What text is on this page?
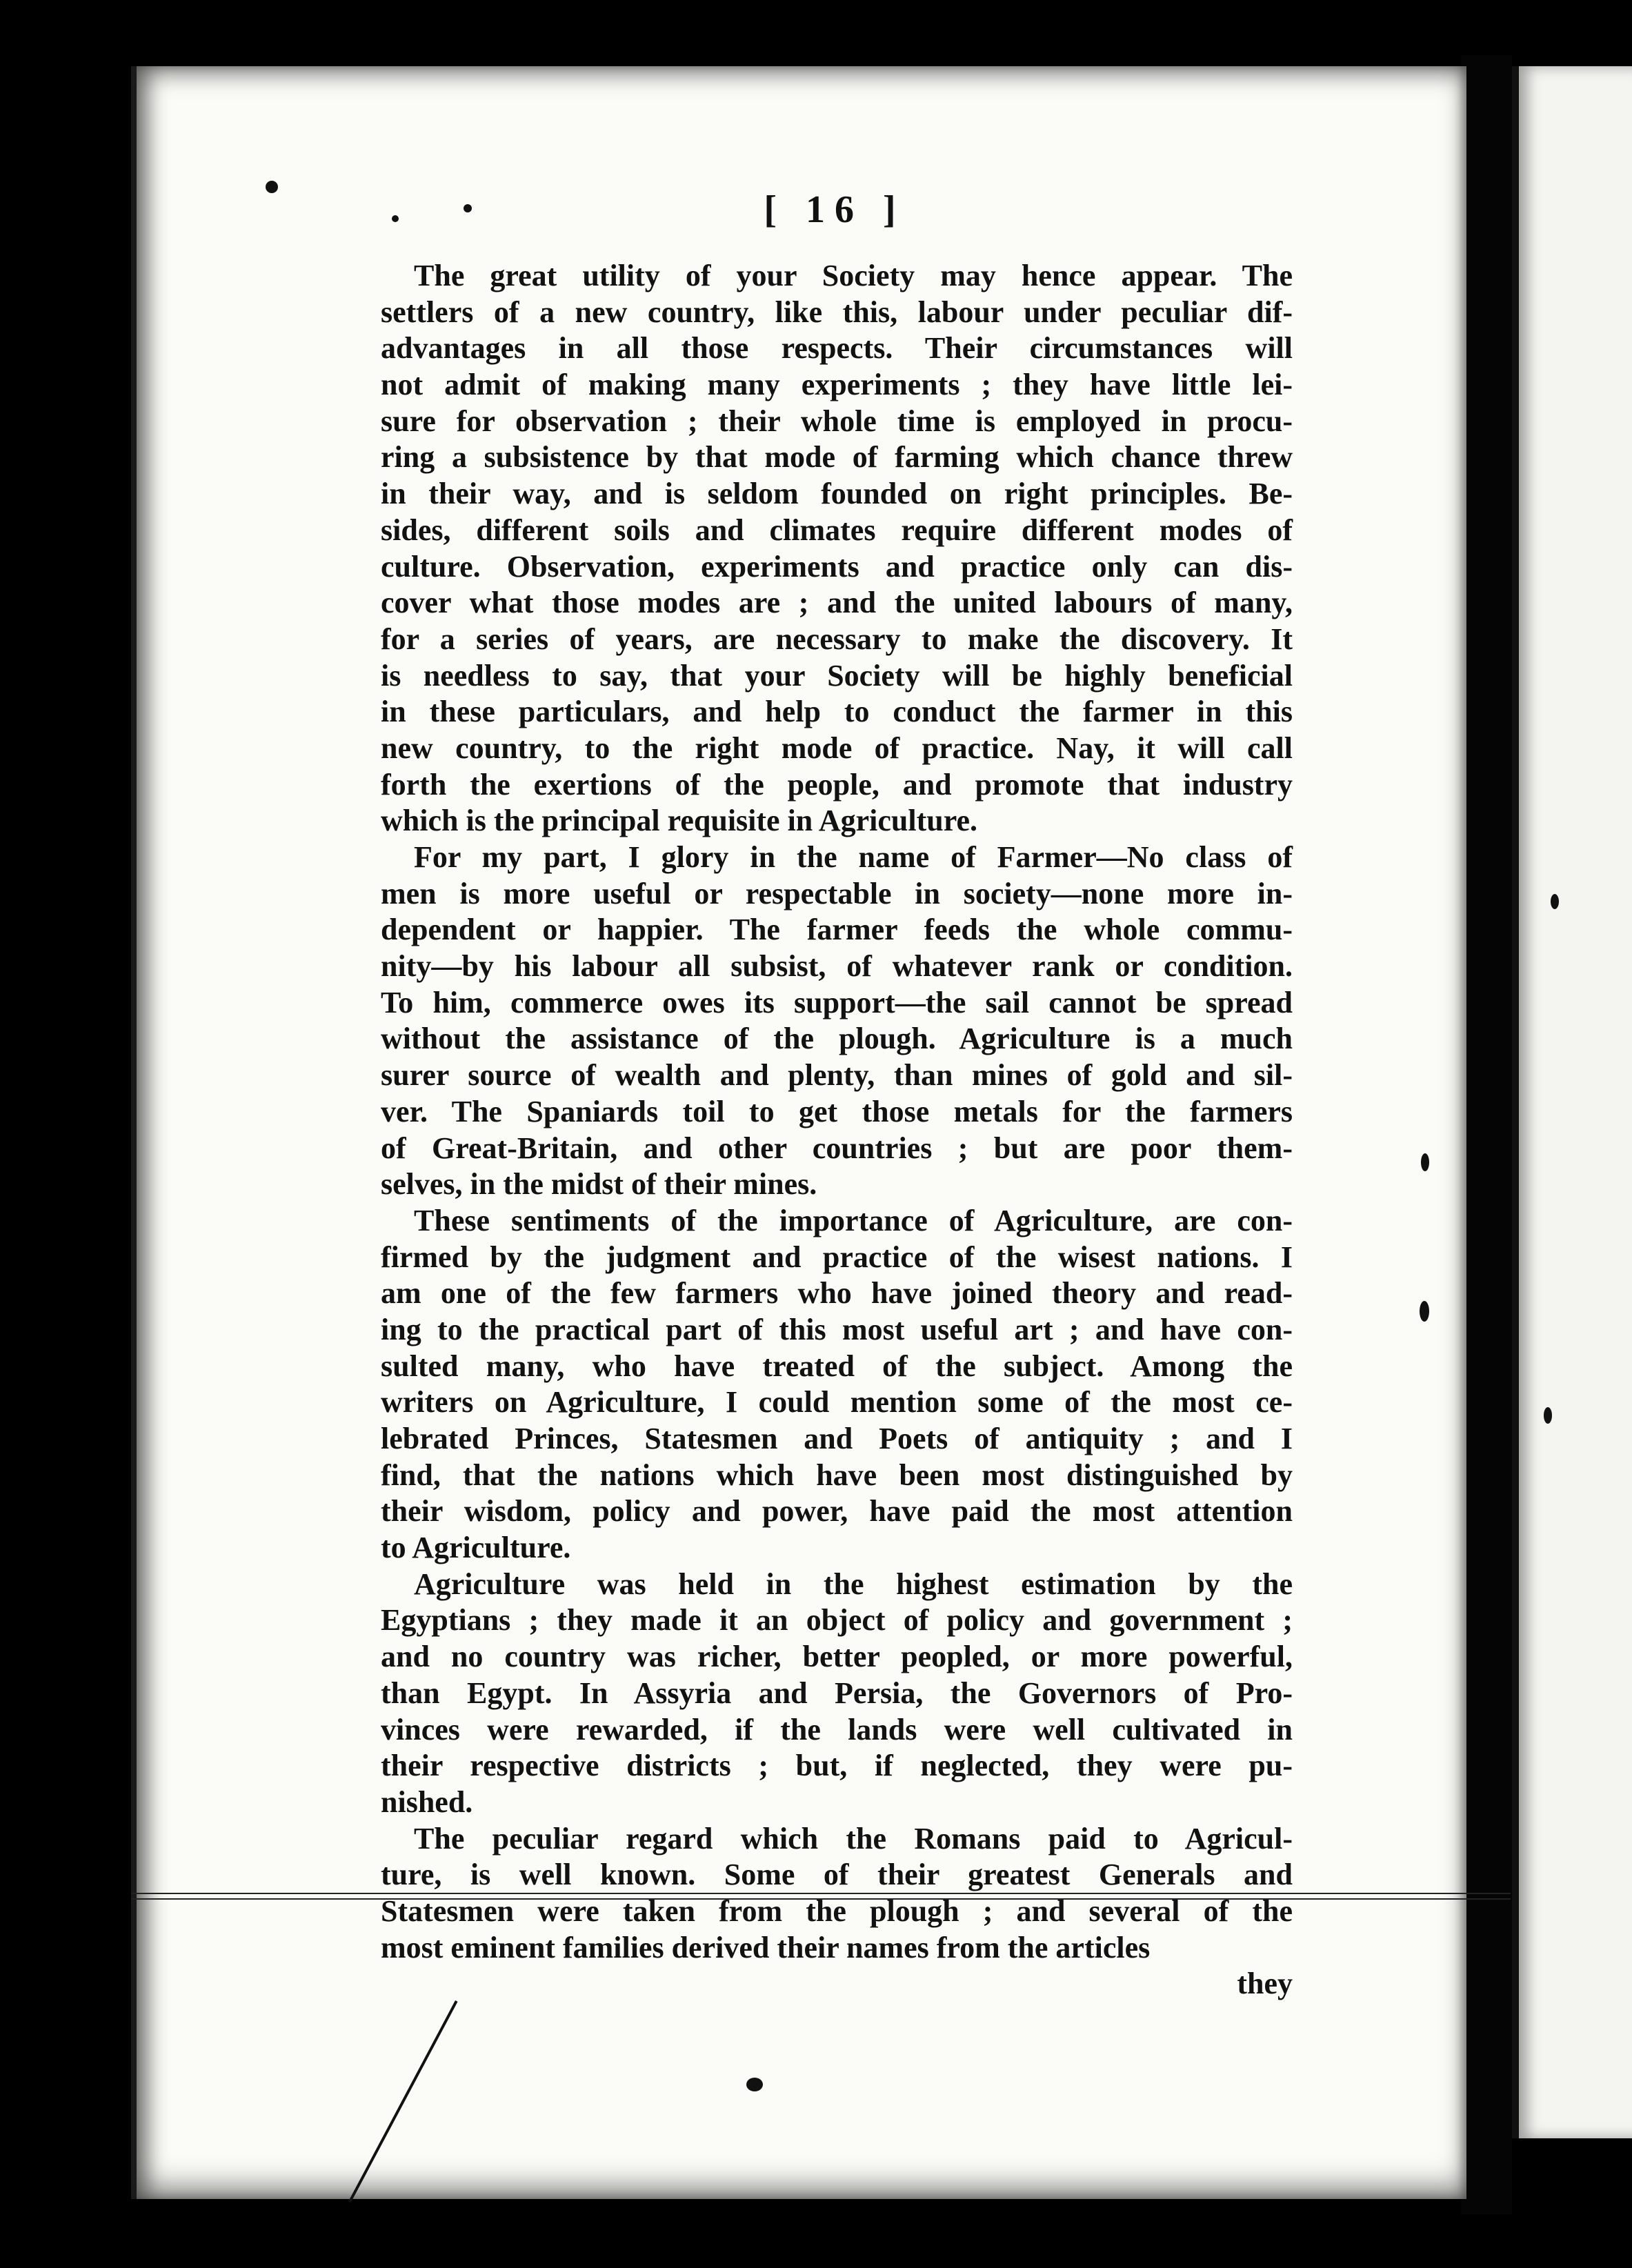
[ 16 ]
The great utility of your Society may hence appear. The
settlers of a new country, like this, labour under peculiar dif-
advantages in all those respects. Their circumstances will
not admit of making many experiments ; they have little lei-
sure for observation ; their whole time is employed in procu-
ring a subsistence by that mode of farming which chance threw
in their way, and is seldom founded on right principles. Be-
sides, different soils and climates require different modes of
culture. Observation, experiments and practice only can dis-
cover what those modes are ; and the united labours of many,
for a series of years, are necessary to make the discovery. It
is needless to say, that your Society will be highly beneficial
in these particulars, and help to conduct the farmer in this
new country, to the right mode of practice. Nay, it will call
forth the exertions of the people, and promote that industry
which is the principal requisite in Agriculture.
For my part, I glory in the name of Farmer—No class of
men is more useful or respectable in society—none more in-
dependent or happier. The farmer feeds the whole commu-
nity—by his labour all subsist, of whatever rank or condition.
To him, commerce owes its support—the sail cannot be spread
without the assistance of the plough. Agriculture is a much
surer source of wealth and plenty, than mines of gold and sil-
ver. The Spaniards toil to get those metals for the farmers
of Great-Britain, and other countries ; but are poor them-
selves, in the midst of their mines.
These sentiments of the importance of Agriculture, are con-
firmed by the judgment and practice of the wisest nations. I
am one of the few farmers who have joined theory and read-
ing to the practical part of this most useful art ; and have con-
sulted many, who have treated of the subject. Among the
writers on Agriculture, I could mention some of the most ce-
lebrated Princes, Statesmen and Poets of antiquity ; and I
find, that the nations which have been most distinguished by
their wisdom, policy and power, have paid the most attention
to Agriculture.
Agriculture was held in the highest estimation by the
Egyptians ; they made it an object of policy and government ;
and no country was richer, better peopled, or more powerful,
than Egypt. In Assyria and Persia, the Governors of Pro-
vinces were rewarded, if the lands were well cultivated in
their respective districts ; but, if neglected, they were pu-
nished.
The peculiar regard which the Romans paid to Agricul-
ture, is well known. Some of their greatest Generals and
Statesmen were taken from the plough ; and several of the
most eminent families derived their names from the articles
they
